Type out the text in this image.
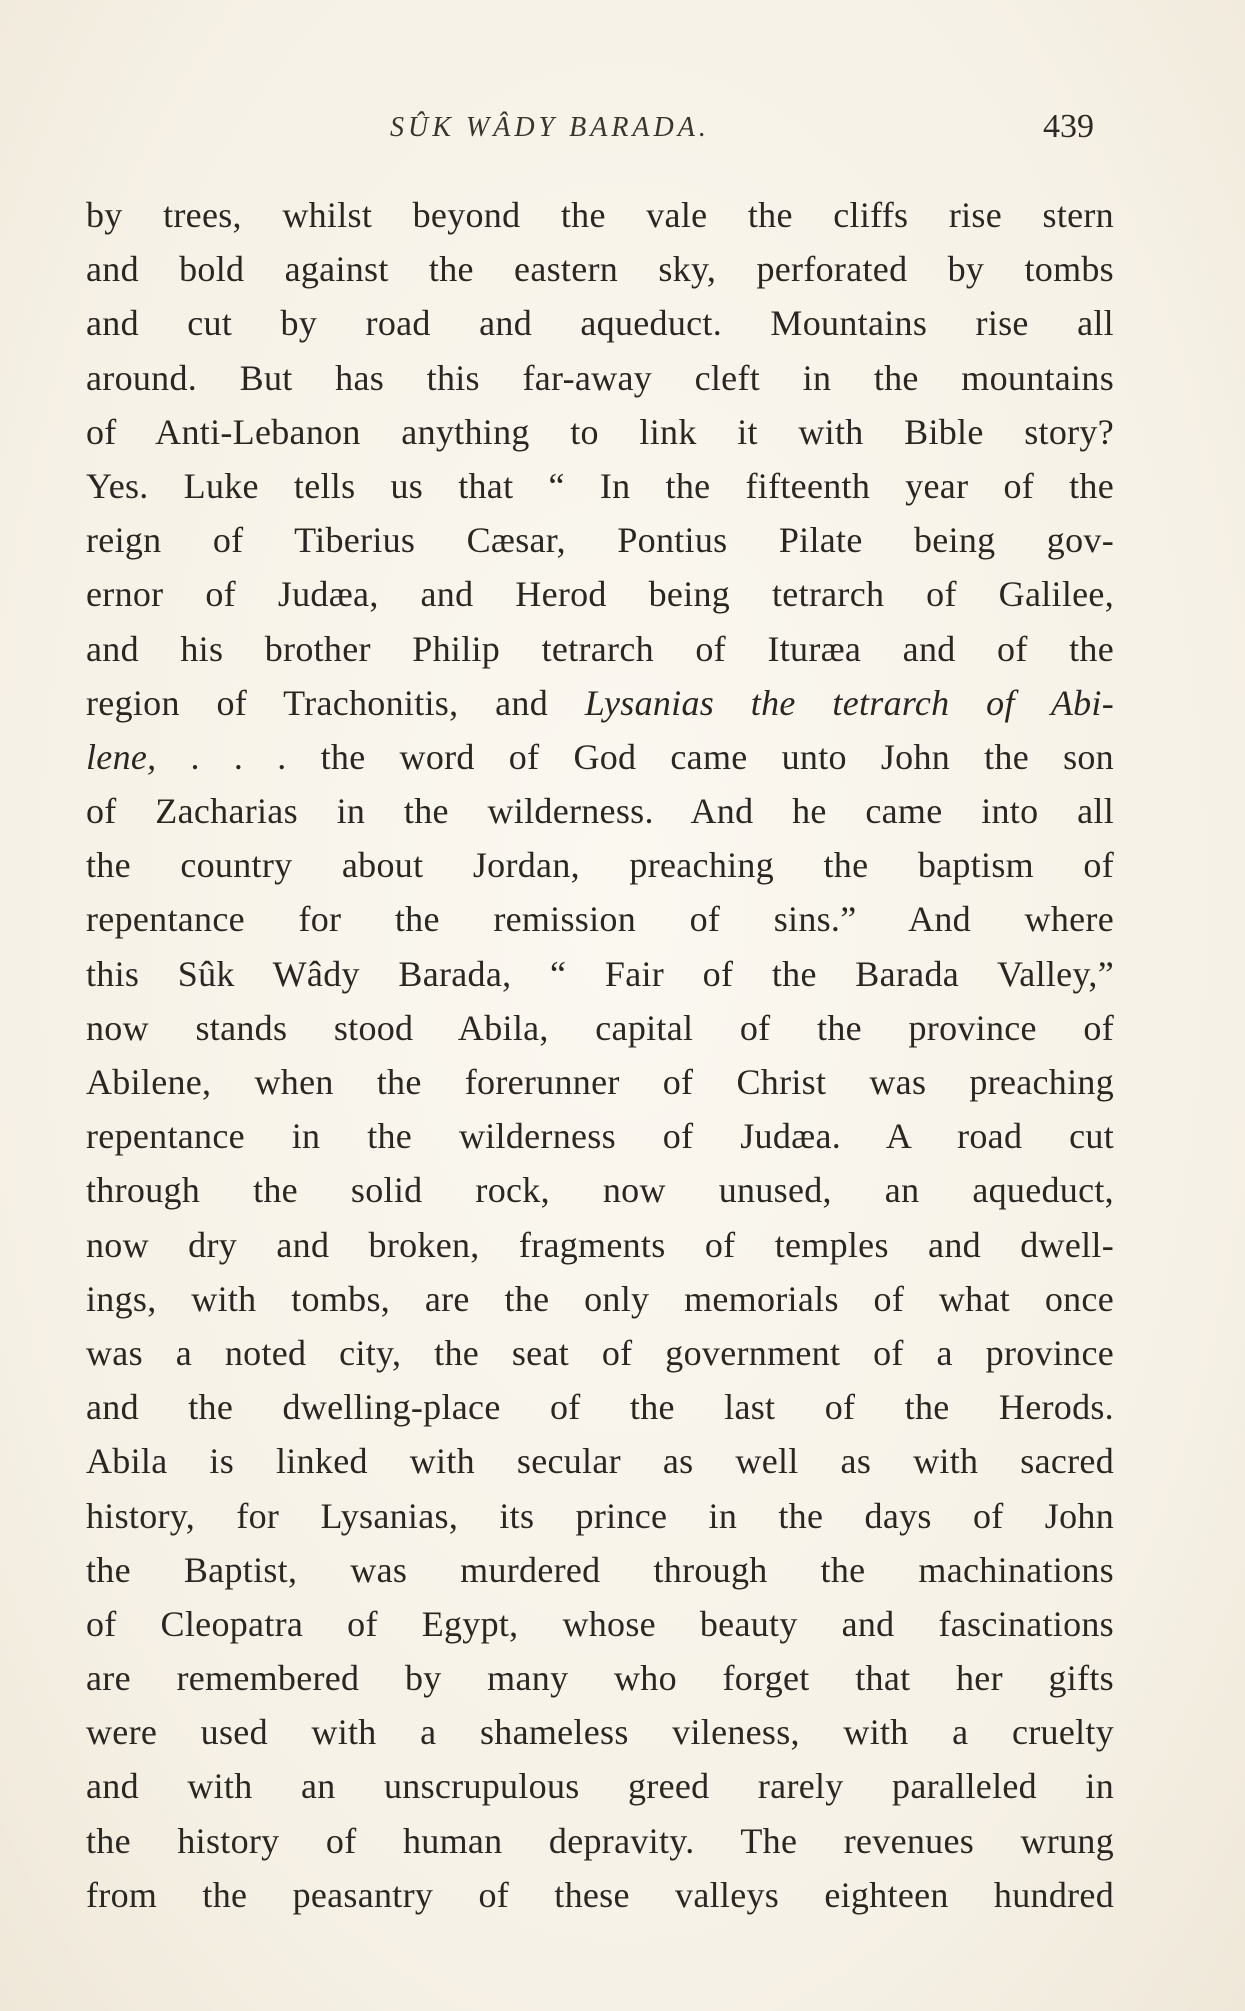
SÛK WÂDY BARADA.	439
by trees, whilst beyond the vale the cliffs rise stern
and bold against the eastern sky, perforated by tombs
and cut by road and aqueduct. Mountains rise all
around. But has this far-away cleft in the mountains
of Anti-Lebanon anything to link it with Bible story?
Yes. Luke tells us that “ In the fifteenth year of the
reign of Tiberius Cæsar, Pontius Pilate being gov-
ernor of Judæa, and Herod being tetrarch of Galilee,
and his brother Philip tetrarch of Ituræa and of the
region of Trachonitis, and Lysanias the tetrarch of Abi-
lene, . . . the word of God came unto John the son
of Zacharias in the wilderness. And he came into all
the country about Jordan, preaching the baptism of
repentance for the remission of sins.” And where
this Sûk Wâdy Barada, “ Fair of the Barada Valley,”
now stands stood Abila, capital of the province of
Abilene, when the forerunner of Christ was preaching
repentance in the wilderness of Judæa. A road cut
through the solid rock, now unused, an aqueduct,
now dry and broken, fragments of temples and dwell-
ings, with tombs, are the only memorials of what once
was a noted city, the seat of government of a province
and the dwelling-place of the last of the Herods.
Abila is linked with secular as well as with sacred
history, for Lysanias, its prince in the days of John
the Baptist, was murdered through the machinations
of Cleopatra of Egypt, whose beauty and fascinations
are remembered by many who forget that her gifts
were used with a shameless vileness, with a cruelty
and with an unscrupulous greed rarely paralleled in
the history of human depravity. The revenues wrung
from the peasantry of these valleys eighteen hundred
